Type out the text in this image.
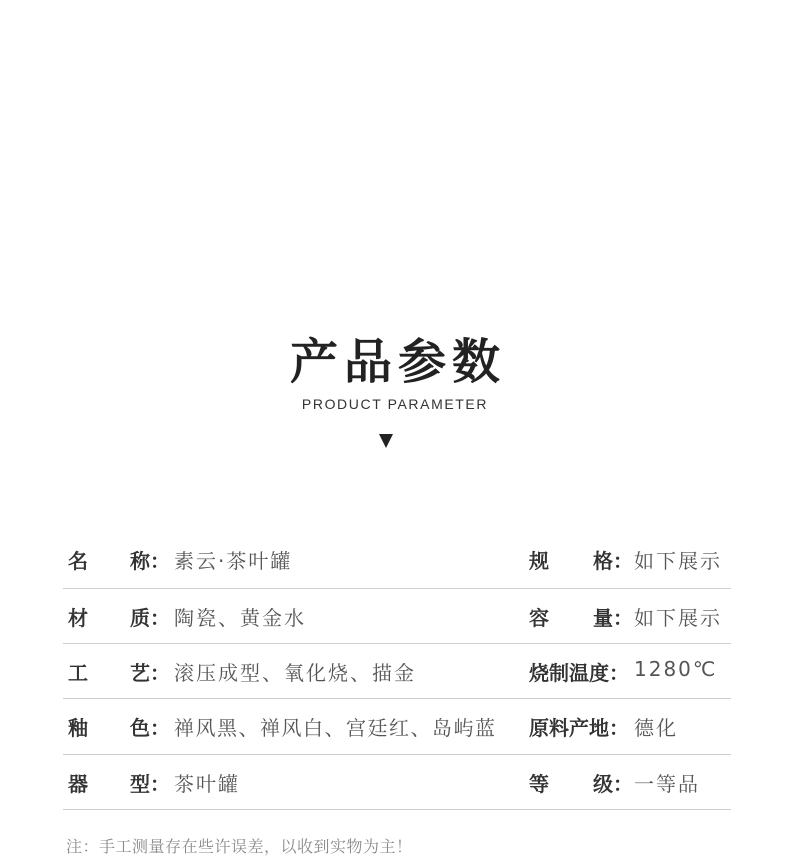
产品参数
PRODUCT PARAMETER
名 称： 素云·茶叶罐	规 格： 如下展示
材 质： 陶瓷、黄金水	容 量： 如下展示
工 艺： 滚压成型、氧化烧、描金	烧制温度： 1280℃
釉 色： 禅风黑、禅风白、宫廷红、岛屿蓝 原料产地： 德化
器 型： 茶叶罐	等 级： 一等品
注：手工测量存在些许误差，以收到实物为主！
